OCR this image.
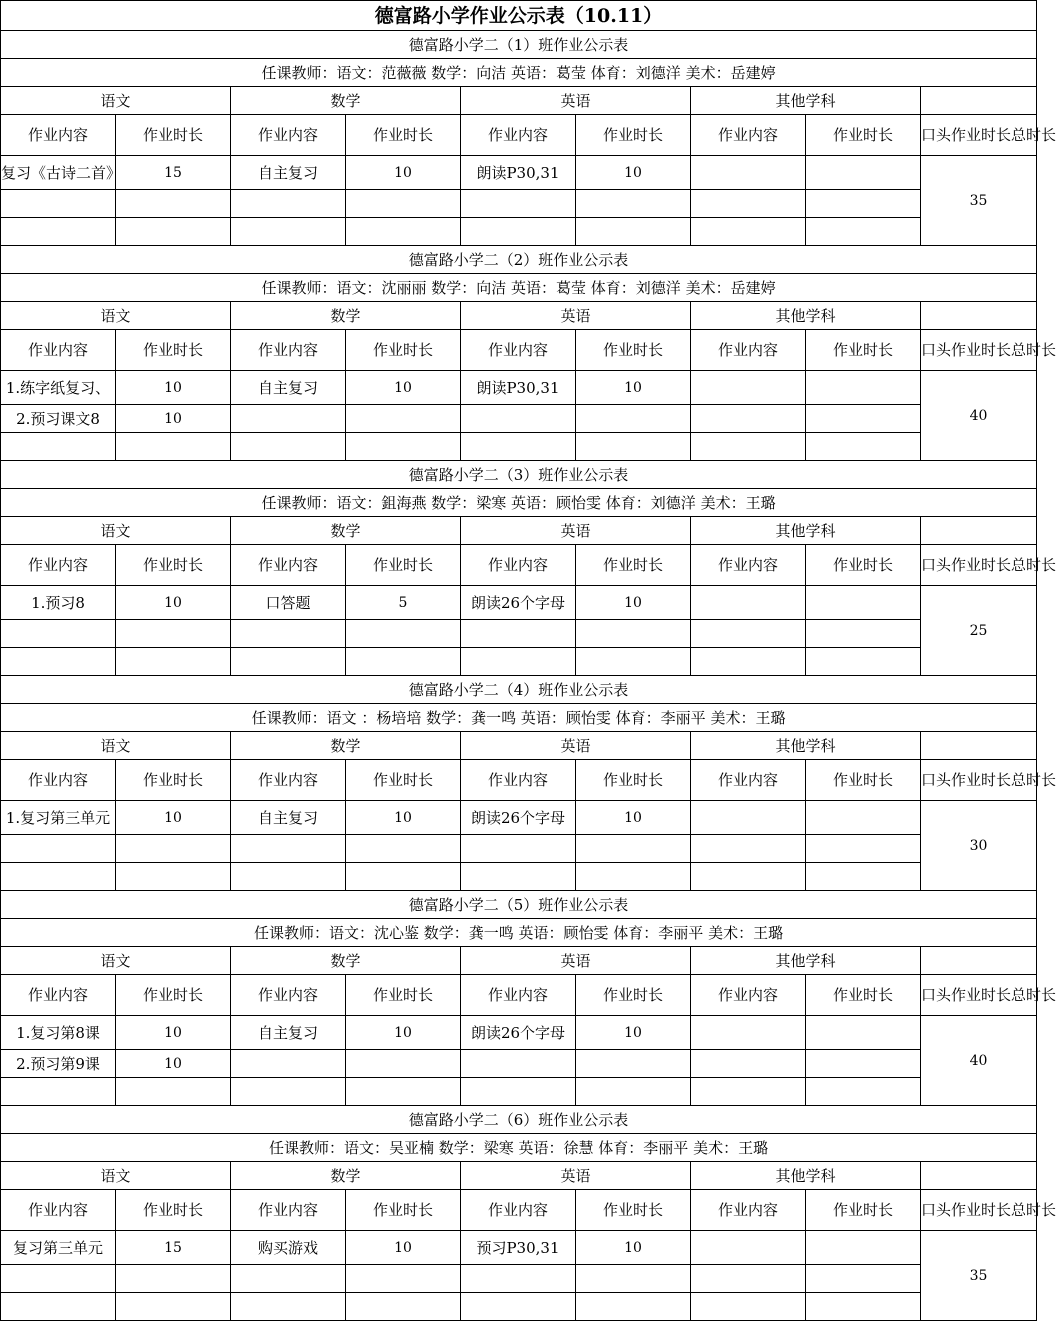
德富路小学作业公示表（10.11）								
德富路小学二（1）班作业公示表								
任课教师：语文：范薇薇 数学：向洁 英语：葛莹 体育：刘德洋 美术：岳建婷								
语文		数学		英语		其他学科		
作业内容	作业时长	作业内容	作业时长	作业内容	作业时长	作业内容	作业时长	口头作业时长总时长
复习《古诗二首》	15	自主复习	10	朗读P30,31	10			35

德富路小学二（2）班作业公示表								
任课教师：语文：沈丽丽 数学：向洁 英语：葛莹 体育：刘德洋 美术：岳建婷								
语文		数学		英语		其他学科		
作业内容	作业时长	作业内容	作业时长	作业内容	作业时长	作业内容	作业时长	口头作业时长总时长
1.练字纸复习、	10	自主复习	10	朗读P30,31	10			40
2.预习课文8	10							

德富路小学二（3）班作业公示表								
任课教师：语文：鉏海燕 数学：梁寒 英语：顾怡雯 体育：刘德洋 美术：王璐								
语文		数学		英语		其他学科		
作业内容	作业时长	作业内容	作业时长	作业内容	作业时长	作业内容	作业时长	口头作业时长总时长
1.预习8	10	口答题	5	朗读26个字母	10			25

德富路小学二（4）班作业公示表								
任课教师：语文 ：杨培培 数学：龚一鸣 英语：顾怡雯 体育：李丽平 美术：王璐								
语文		数学		英语		其他学科		
作业内容	作业时长	作业内容	作业时长	作业内容	作业时长	作业内容	作业时长	口头作业时长总时长
1.复习第三单元	10	自主复习	10	朗读26个字母	10			30

德富路小学二（5）班作业公示表								
任课教师：语文：沈心鉴 数学：龚一鸣 英语：顾怡雯 体育：李丽平 美术：王璐								
语文		数学		英语		其他学科		
作业内容	作业时长	作业内容	作业时长	作业内容	作业时长	作业内容	作业时长	口头作业时长总时长
1.复习第8课	10	自主复习	10	朗读26个字母	10			40
2.预习第9课	10							

德富路小学二（6）班作业公示表								
任课教师：语文：吴亚楠 数学：梁寒 英语：徐慧 体育：李丽平 美术：王璐								
语文		数学		英语		其他学科		
作业内容	作业时长	作业内容	作业时长	作业内容	作业时长	作业内容	作业时长	口头作业时长总时长
复习第三单元	15	购买游戏	10	预习P30,31	10			35
